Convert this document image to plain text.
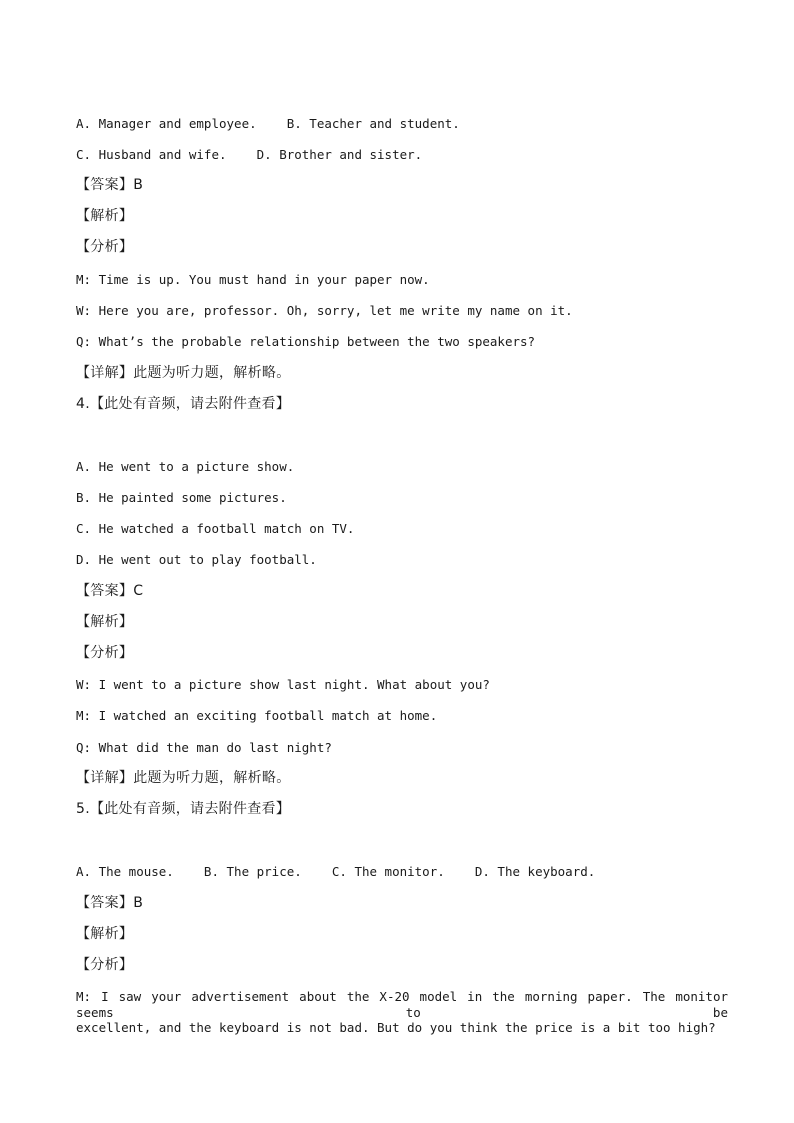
A. Manager and employee.    B. Teacher and student.
C. Husband and wife.    D. Brother and sister.
【答案】B
【解析】
【分析】
M: Time is up. You must hand in your paper now.
W: Here you are, professor. Oh, sorry, let me write my name on it.
Q: What’s the probable relationship between the two speakers?
【详解】此题为听力题，解析略。
4.【此处有音频，请去附件查看】
A. He went to a picture show.
B. He painted some pictures.
C. He watched a football match on TV.
D. He went out to play football.
【答案】C
【解析】
【分析】
W: I went to a picture show last night. What about you?
M: I watched an exciting football match at home.
Q: What did the man do last night?
【详解】此题为听力题，解析略。
5.【此处有音频，请去附件查看】
A. The mouse.    B. The price.    C. The monitor.    D. The keyboard.
【答案】B
【解析】
【分析】
M: I saw your advertisement about the X-20 model in the morning paper. The monitor seems to be
excellent, and the keyboard is not bad. But do you think the price is a bit too high?
